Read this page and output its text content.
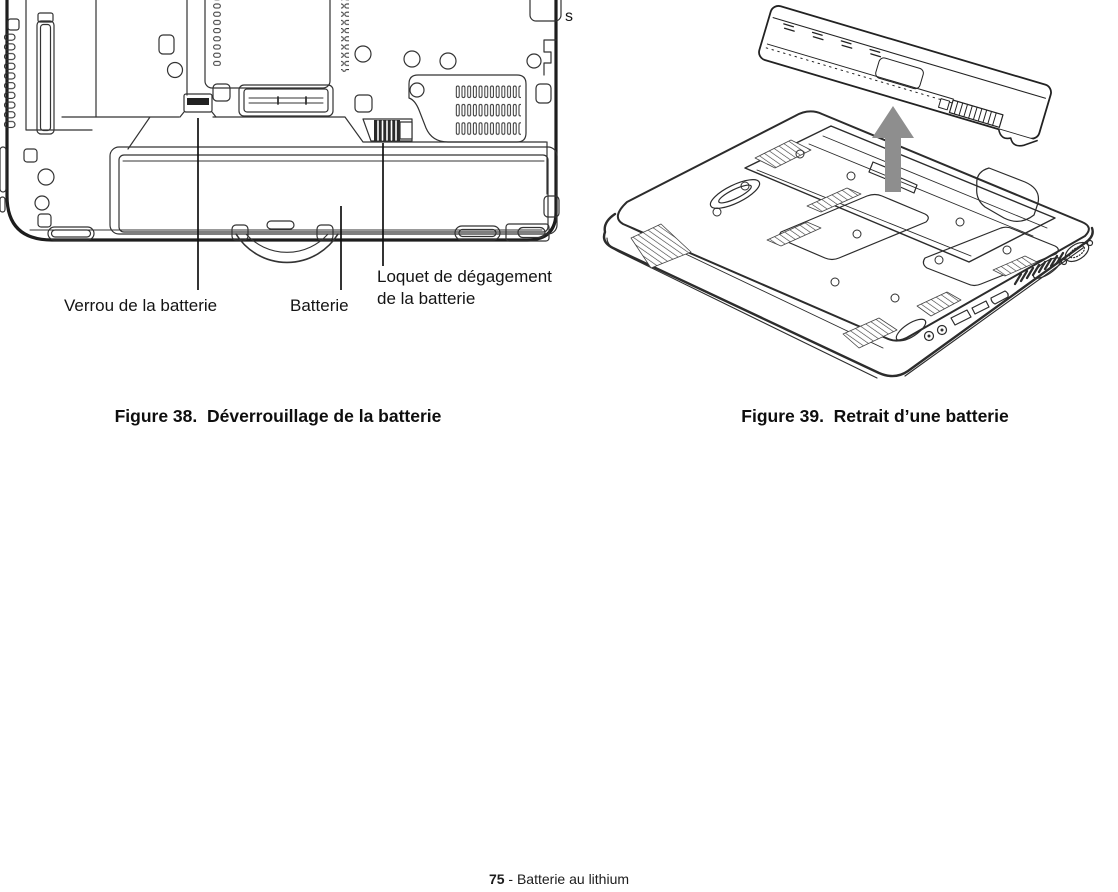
Verrou de la batterie	Batterie
Loquet de dégagement
de la batterie
s
Figure 38.  Déverrouillage de la batterie	Figure 39.  Retrait d’une batterie
75 - Batterie au lithium
